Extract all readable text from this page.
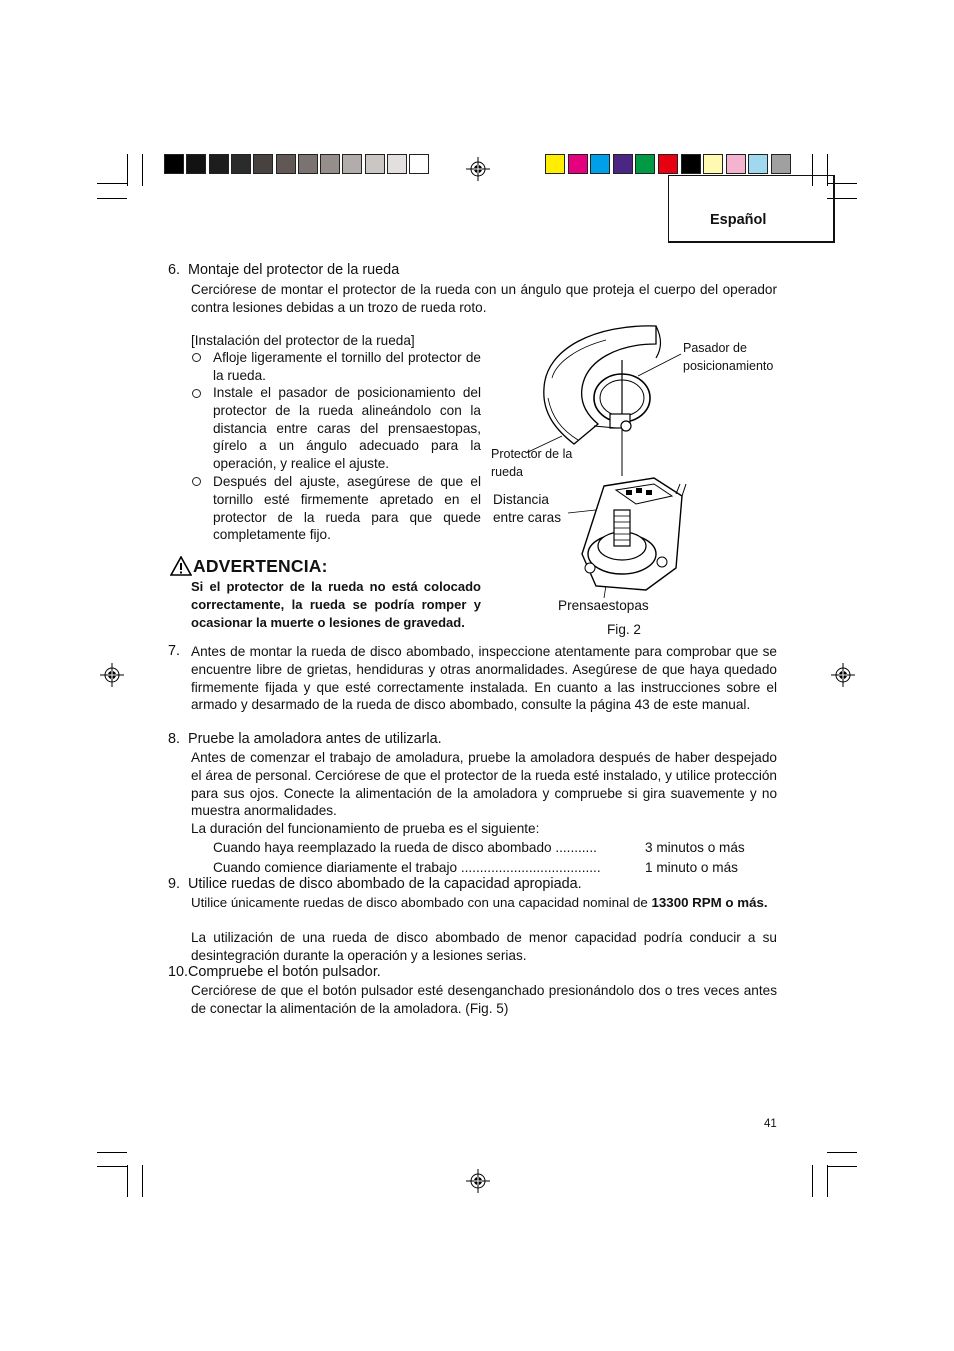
Español
6.  Montaje del protector de la rueda
Cerciórese de montar el protector de la rueda con un ángulo que proteja el cuerpo del operador contra lesiones debidas a un trozo de rueda roto.
[Instalación del protector de la rueda]
Afloje ligeramente el tornillo del protector de la rueda.
Instale el pasador de posicionamiento del protector de la rueda alineándolo con la distancia entre caras del prensaestopas, gírelo a un ángulo adecuado para la operación, y realice el ajuste.
Después del ajuste, asegúrese de que el tornillo esté firmemente apretado en el protector de la rueda para que quede completamente fijo.
ADVERTENCIA:
Si el protector de la rueda no está colocado correctamente, la rueda se podría romper y ocasionar la muerte o lesiones de gravedad.
Pasador de posicionamiento
Protector de la rueda
Distancia entre caras
Prensaestopas
Fig. 2
7. Antes de montar la rueda de disco abombado, inspeccione atentamente para comprobar que se encuentre libre de grietas, hendiduras y otras anormalidades. Asegúrese de que haya quedado firmemente fijada y que esté correctamente instalada. En cuanto a las instrucciones sobre el armado y desarmado de la rueda de disco abombado, consulte la página 43 de este manual.
8.  Pruebe la amoladora antes de utilizarla.
Antes de comenzar el trabajo de amoladura, pruebe la amoladora después de haber despejado el área de personal. Cerciórese de que el protector de la rueda esté instalado, y utilice protección para sus ojos. Conecte la alimentación de la amoladora y compruebe si gira suavemente y no muestra anormalidades.
La duración del funcionamiento de prueba es el siguiente:
Cuando haya reemplazado la rueda de disco abombado ...........	3 minutos o más
Cuando comience diariamente el trabajo .....................................	1 minuto o más
9.  Utilice ruedas de disco abombado de la capacidad apropiada.
Utilice únicamente ruedas de disco abombado con una capacidad nominal de 13300 RPM o más.
La utilización de una rueda de disco abombado de menor capacidad podría conducir a su desintegración durante la operación y a lesiones serias.
10.Compruebe el botón pulsador.
Cerciórese de que el botón pulsador esté desenganchado presionándolo dos o tres veces antes de conectar la alimentación de la amoladora. (Fig. 5)
41
